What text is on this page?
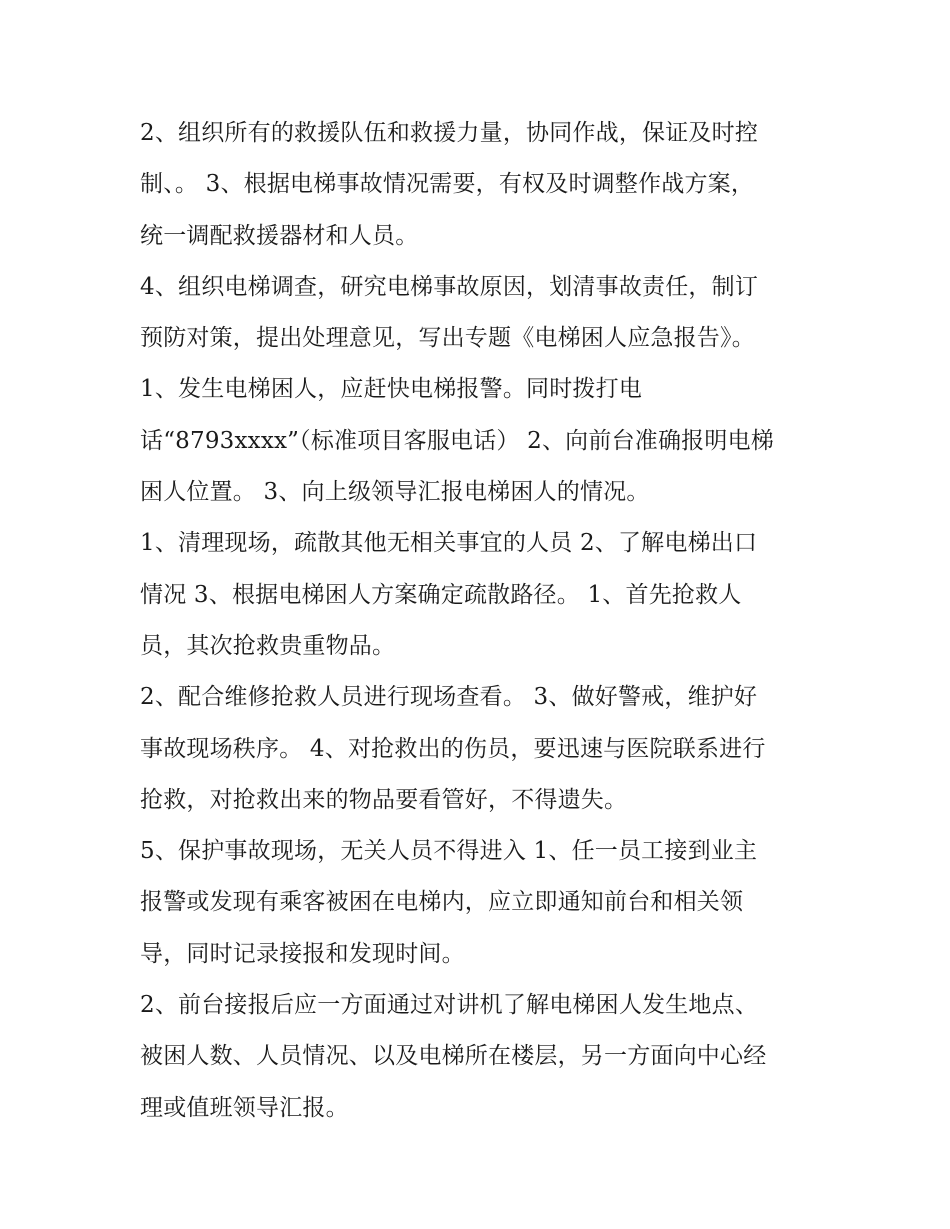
2、组织所有的救援队伍和救援力量，协同作战，保证及时控
制、。 3、根据电梯事故情况需要，有权及时调整作战方案，
统一调配救援器材和人员。
4、组织电梯调查，研究电梯事故原因，划清事故责任，制订
预防对策，提出处理意见，写出专题《电梯困人应急报告》。
1、发生电梯困人，应赶快电梯报警。同时拨打电
话“8793xxxx”（标准项目客服电话） 2、向前台准确报明电梯
困人位置。 3、向上级领导汇报电梯困人的情况。
1、清理现场，疏散其他无相关事宜的人员 2、了解电梯出口
情况 3、根据电梯困人方案确定疏散路径。 1、首先抢救人
员，其次抢救贵重物品。
2、配合维修抢救人员进行现场查看。 3、做好警戒，维护好
事故现场秩序。 4、对抢救出的伤员，要迅速与医院联系进行
抢救，对抢救出来的物品要看管好，不得遗失。
5、保护事故现场，无关人员不得进入 1、任一员工接到业主
报警或发现有乘客被困在电梯内，应立即通知前台和相关领
导，同时记录接报和发现时间。
2、前台接报后应一方面通过对讲机了解电梯困人发生地点、
被困人数、人员情况、以及电梯所在楼层，另一方面向中心经
理或值班领导汇报。
